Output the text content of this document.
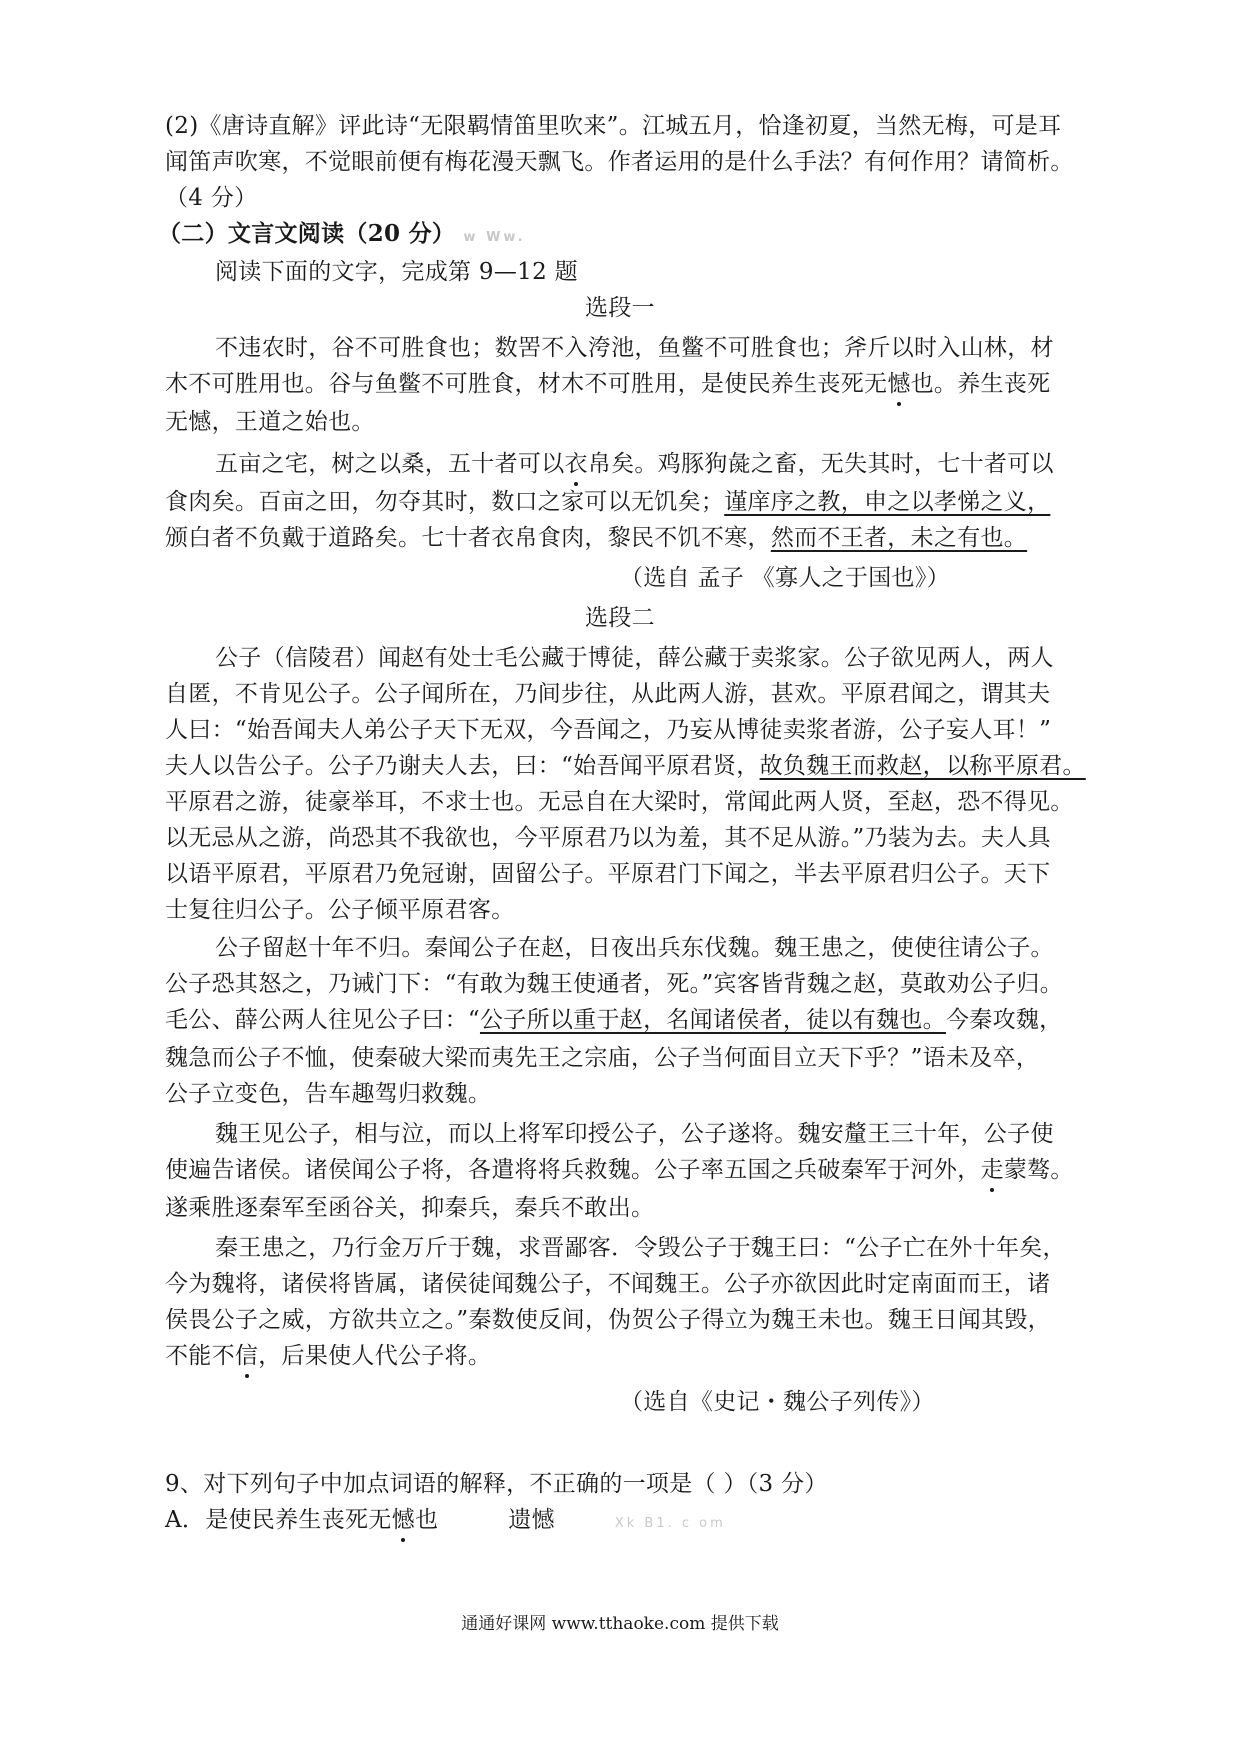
(2)《唐诗直解》评此诗“无限羁情笛里吹来”。江城五月，恰逢初夏，当然无梅，可是耳
闻笛声吹寒，不觉眼前便有梅花漫天飘飞。作者运用的是什么手法？有何作用？请简析。
（4 分）
（二）文言文阅读（20 分） w Ww.
阅读下面的文字，完成第 9—12 题
选段一
不违农时，谷不可胜食也；数罟不入洿池，鱼鳖不可胜食也；斧斤以时入山林，材
木不可胜用也。谷与鱼鳖不可胜食，材木不可胜用，是使民养生丧死无憾也。养生丧死
无憾，王道之始也。
五亩之宅，树之以桑，五十者可以衣帛矣。鸡豚狗彘之畜，无失其时，七十者可以
食肉矣。百亩之田，勿夺其时，数口之家可以无饥矣；谨庠序之教，申之以孝悌之义，
颁白者不负戴于道路矣。七十者衣帛食肉，黎民不饥不寒，然而不王者，未之有也。
（选自 孟子 《寡人之于国也》）
选段二
公子（信陵君）闻赵有处士毛公藏于博徒，薛公藏于卖浆家。公子欲见两人，两人
自匿，不肯见公子。公子闻所在，乃间步往，从此两人游，甚欢。平原君闻之，谓其夫
人曰：“始吾闻夫人弟公子天下无双，今吾闻之，乃妄从博徒卖浆者游，公子妄人耳！”
夫人以告公子。公子乃谢夫人去，曰：“始吾闻平原君贤，故负魏王而救赵，以称平原君。
平原君之游，徒豪举耳，不求士也。无忌自在大梁时，常闻此两人贤，至赵，恐不得见。
以无忌从之游，尚恐其不我欲也，今平原君乃以为羞，其不足从游。”乃装为去。夫人具
以语平原君，平原君乃免冠谢，固留公子。平原君门下闻之，半去平原君归公子。天下
士复往归公子。公子倾平原君客。
公子留赵十年不归。秦闻公子在赵，日夜出兵东伐魏。魏王患之，使使往请公子。
公子恐其怒之，乃诫门下：“有敢为魏王使通者，死。”宾客皆背魏之赵，莫敢劝公子归。
毛公、薛公两人往见公子曰：“公子所以重于赵，名闻诸侯者，徒以有魏也。今秦攻魏，
魏急而公子不恤，使秦破大梁而夷先王之宗庙，公子当何面目立天下乎？”语未及卒，
公子立变色，告车趣驾归救魏。
魏王见公子，相与泣，而以上将军印授公子，公子遂将。魏安釐王三十年，公子使
使遍告诸侯。诸侯闻公子将，各遣将将兵救魏。公子率五国之兵破秦军于河外，走蒙骜。
遂乘胜逐秦军至函谷关，抑秦兵，秦兵不敢出。
秦王患之，乃行金万斤于魏，求晋鄙客．令毁公子于魏王曰：“公子亡在外十年矣，
今为魏将，诸侯将皆属，诸侯徒闻魏公子，不闻魏王。公子亦欲因此时定南面而王，诸
侯畏公子之威，方欲共立之。”秦数使反间，伪贺公子得立为魏王未也。魏王日闻其毁，
不能不信，后果使人代公子将。
（选自《史记・魏公子列传》）
9、对下列句子中加点词语的解释，不正确的一项是（ ）（3 分）
A．是使民养生丧死无憾也	遗憾	Xk B1. c om
通通好课网 www.tthaoke.com 提供下载
